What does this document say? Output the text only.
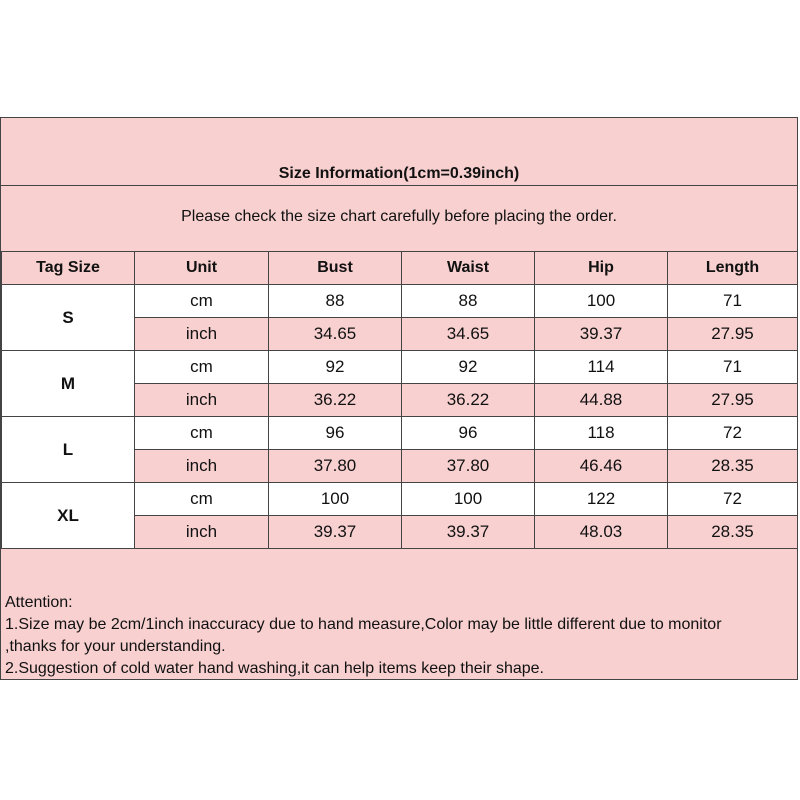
Size Information(1cm=0.39inch)
Please check the size chart carefully before placing the order.
Tag Size	Unit	Bust	Waist	Hip	Length
S	cm	88	88	100	71
	inch	34.65	34.65	39.37	27.95
M	cm	92	92	114	71
	inch	36.22	36.22	44.88	27.95
L	cm	96	96	118	72
	inch	37.80	37.80	46.46	28.35
XL	cm	100	100	122	72
	inch	39.37	39.37	48.03	28.35
Attention:
1.Size may be 2cm/1inch inaccuracy due to hand measure,Color may be little different due to monitor
,thanks for your understanding.
2.Suggestion of cold water hand washing,it can help items keep their shape.
